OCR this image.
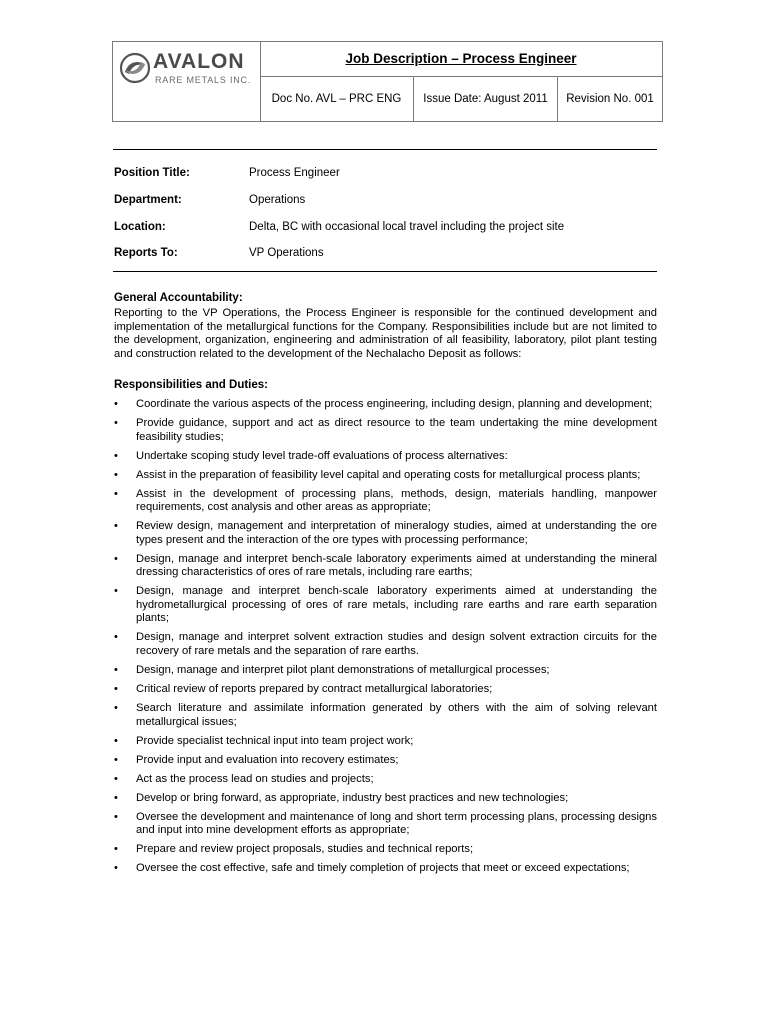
AVALON
RARE METALS INC.
Job Description – Process Engineer
Doc No. AVL – PRC ENG	Issue Date: August 2011	Revision No. 001
Position Title:	Process Engineer
Department:	Operations
Location:	Delta, BC with occasional local travel including the project site
Reports To:	VP Operations
General Accountability:
Reporting to the VP Operations, the Process Engineer is responsible for the continued development and implementation of the metallurgical functions for the Company. Responsibilities include but are not limited to the development, organization, engineering and administration of all feasibility, laboratory, pilot plant testing and construction related to the development of the Nechalacho Deposit as follows:
Responsibilities and Duties:
• Coordinate the various aspects of the process engineering, including design, planning and development;
• Provide guidance, support and act as direct resource to the team undertaking the mine development feasibility studies;
• Undertake scoping study level trade-off evaluations of process alternatives:
• Assist in the preparation of feasibility level capital and operating costs for metallurgical process plants;
• Assist in the development of processing plans, methods, design, materials handling, manpower requirements, cost analysis and other areas as appropriate;
• Review design, management and interpretation of mineralogy studies, aimed at understanding the ore types present and the interaction of the ore types with processing performance;
• Design, manage and interpret bench-scale laboratory experiments aimed at understanding the mineral dressing characteristics of ores of rare metals, including rare earths;
• Design, manage and interpret bench-scale laboratory experiments aimed at understanding the hydrometallurgical processing of ores of rare metals, including rare earths and rare earth separation plants;
• Design, manage and interpret solvent extraction studies and design solvent extraction circuits for the recovery of rare metals and the separation of rare earths.
• Design, manage and interpret pilot plant demonstrations of metallurgical processes;
• Critical review of reports prepared by contract metallurgical laboratories;
• Search literature and assimilate information generated by others with the aim of solving relevant metallurgical issues;
• Provide specialist technical input into team project work;
• Provide input and evaluation into recovery estimates;
• Act as the process lead on studies and projects;
• Develop or bring forward, as appropriate, industry best practices and new technologies;
• Oversee the development and maintenance of long and short term processing plans, processing designs and input into mine development efforts as appropriate;
• Prepare and review project proposals, studies and technical reports;
• Oversee the cost effective, safe and timely completion of projects that meet or exceed expectations;
